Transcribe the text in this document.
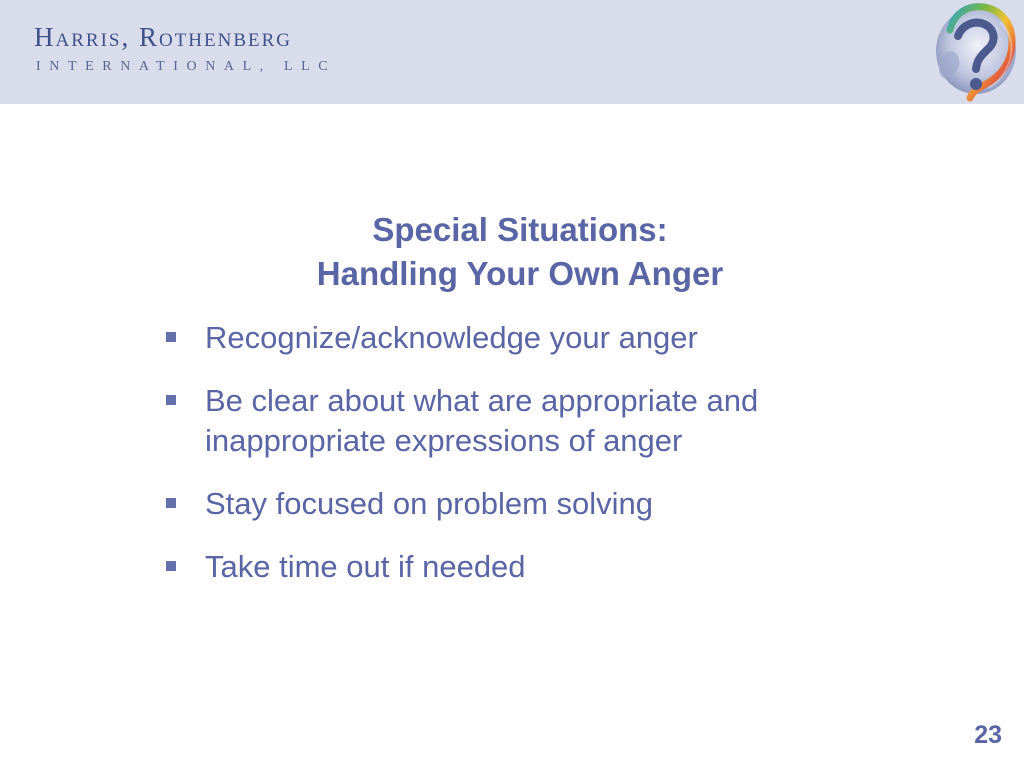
Harris, Rothenberg
INTERNATIONAL, LLC
Special Situations:
Handling Your Own Anger
Recognize/acknowledge your anger
Be clear about what are appropriate and inappropriate expressions of anger
Stay focused on problem solving
Take time out if needed
23
